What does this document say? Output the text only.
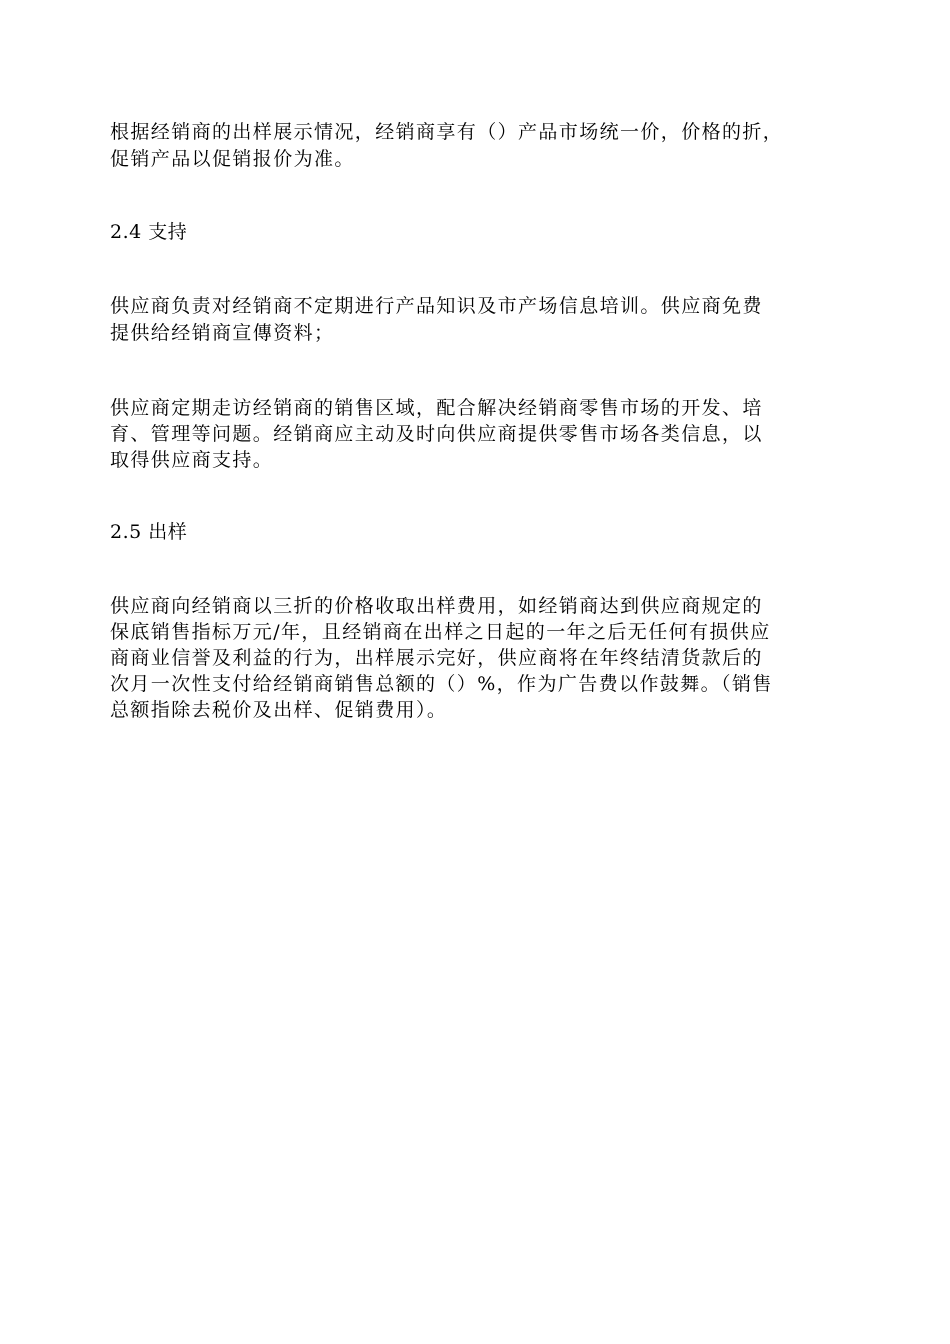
根据经销商的出样展示情况，经销商享有（）产品市场统一价，价格的折，
促销产品以促销报价为准。
2.4 支持
供应商负责对经销商不定期进行产品知识及市产场信息培训。供应商免费
提供给经销商宣傳资料；
供应商定期走访经销商的销售区域，配合解决经销商零售市场的开发、培
育、管理等问题。经销商应主动及时向供应商提供零售市场各类信息，以
取得供应商支持。
2.5 出样
供应商向经销商以三折的价格收取出样费用，如经销商达到供应商规定的
保底销售指标万元/年，且经销商在出样之日起的一年之后无任何有损供应
商商业信誉及利益的行为，出样展示完好，供应商将在年终结清货款后的
次月一次性支付给经销商销售总额的（）%，作为广告费以作鼓舞。（销售
总额指除去税价及出样、促销费用）。
